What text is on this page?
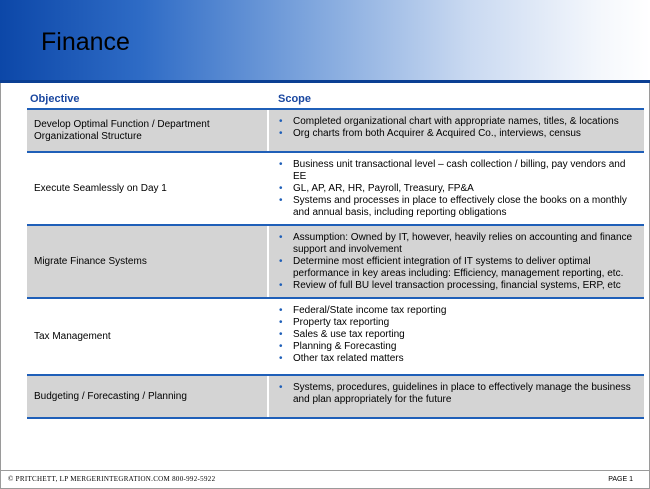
Finance
Objective	Scope
Develop Optimal Function / Department Organizational Structure
• Completed organizational chart with appropriate names, titles, & locations
• Org charts from both Acquirer & Acquired Co., interviews, census
Execute Seamlessly on Day 1
• Business unit transactional level – cash collection / billing, pay vendors and EE
• GL, AP, AR, HR, Payroll, Treasury, FP&A
• Systems and processes in place to effectively close the books on a monthly and annual basis, including reporting obligations
Migrate Finance Systems
• Assumption: Owned by IT, however, heavily relies on accounting and finance support and involvement
• Determine most efficient integration of IT systems to deliver optimal performance in key areas including: Efficiency, management reporting, etc.
• Review of full BU level transaction processing, financial systems, ERP, etc
Tax Management
• Federal/State income tax reporting
• Property tax reporting
• Sales & use tax reporting
• Planning & Forecasting
• Other tax related matters
Budgeting / Forecasting / Planning
• Systems, procedures, guidelines in place to effectively manage the business and plan appropriately for the future
© PRITCHETT, LP MERGERINTEGRATION.COM 800-992-5922	PAGE 1
